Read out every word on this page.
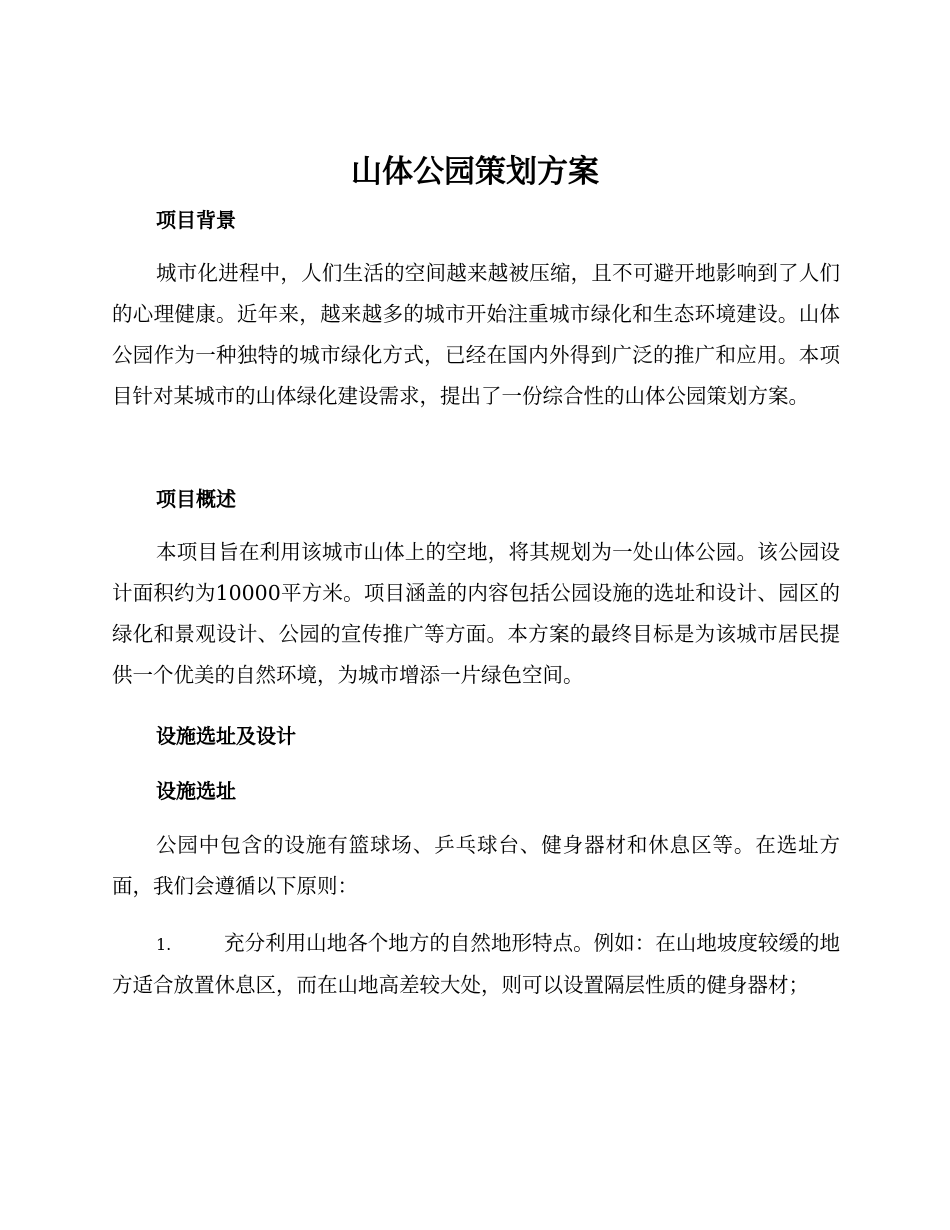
山体公园策划方案
项目背景

城市化进程中，人们生活的空间越来越被压缩，且不可避开地影响到了人们的心理健康。近年来，越来越多的城市开始注重城市绿化和生态环境建设。山体公园作为一种独特的城市绿化方式，已经在国内外得到广泛的推广和应用。本项目针对某城市的山体绿化建设需求，提出了一份综合性的山体公园策划方案。

项目概述

本项目旨在利用该城市山体上的空地，将其规划为一处山体公园。该公园设计面积约为10000平方米。项目涵盖的内容包括公园设施的选址和设计、园区的绿化和景观设计、公园的宣传推广等方面。本方案的最终目标是为该城市居民提供一个优美的自然环境，为城市增添一片绿色空间。

设施选址及设计
设施选址

公园中包含的设施有篮球场、乒乓球台、健身器材和休息区等。在选址方面，我们会遵循以下原则：

1.	充分利用山地各个地方的自然地形特点。例如：在山地坡度较缓的地方适合放置休息区，而在山地高差较大处，则可以设置隔层性质的健身器材；
